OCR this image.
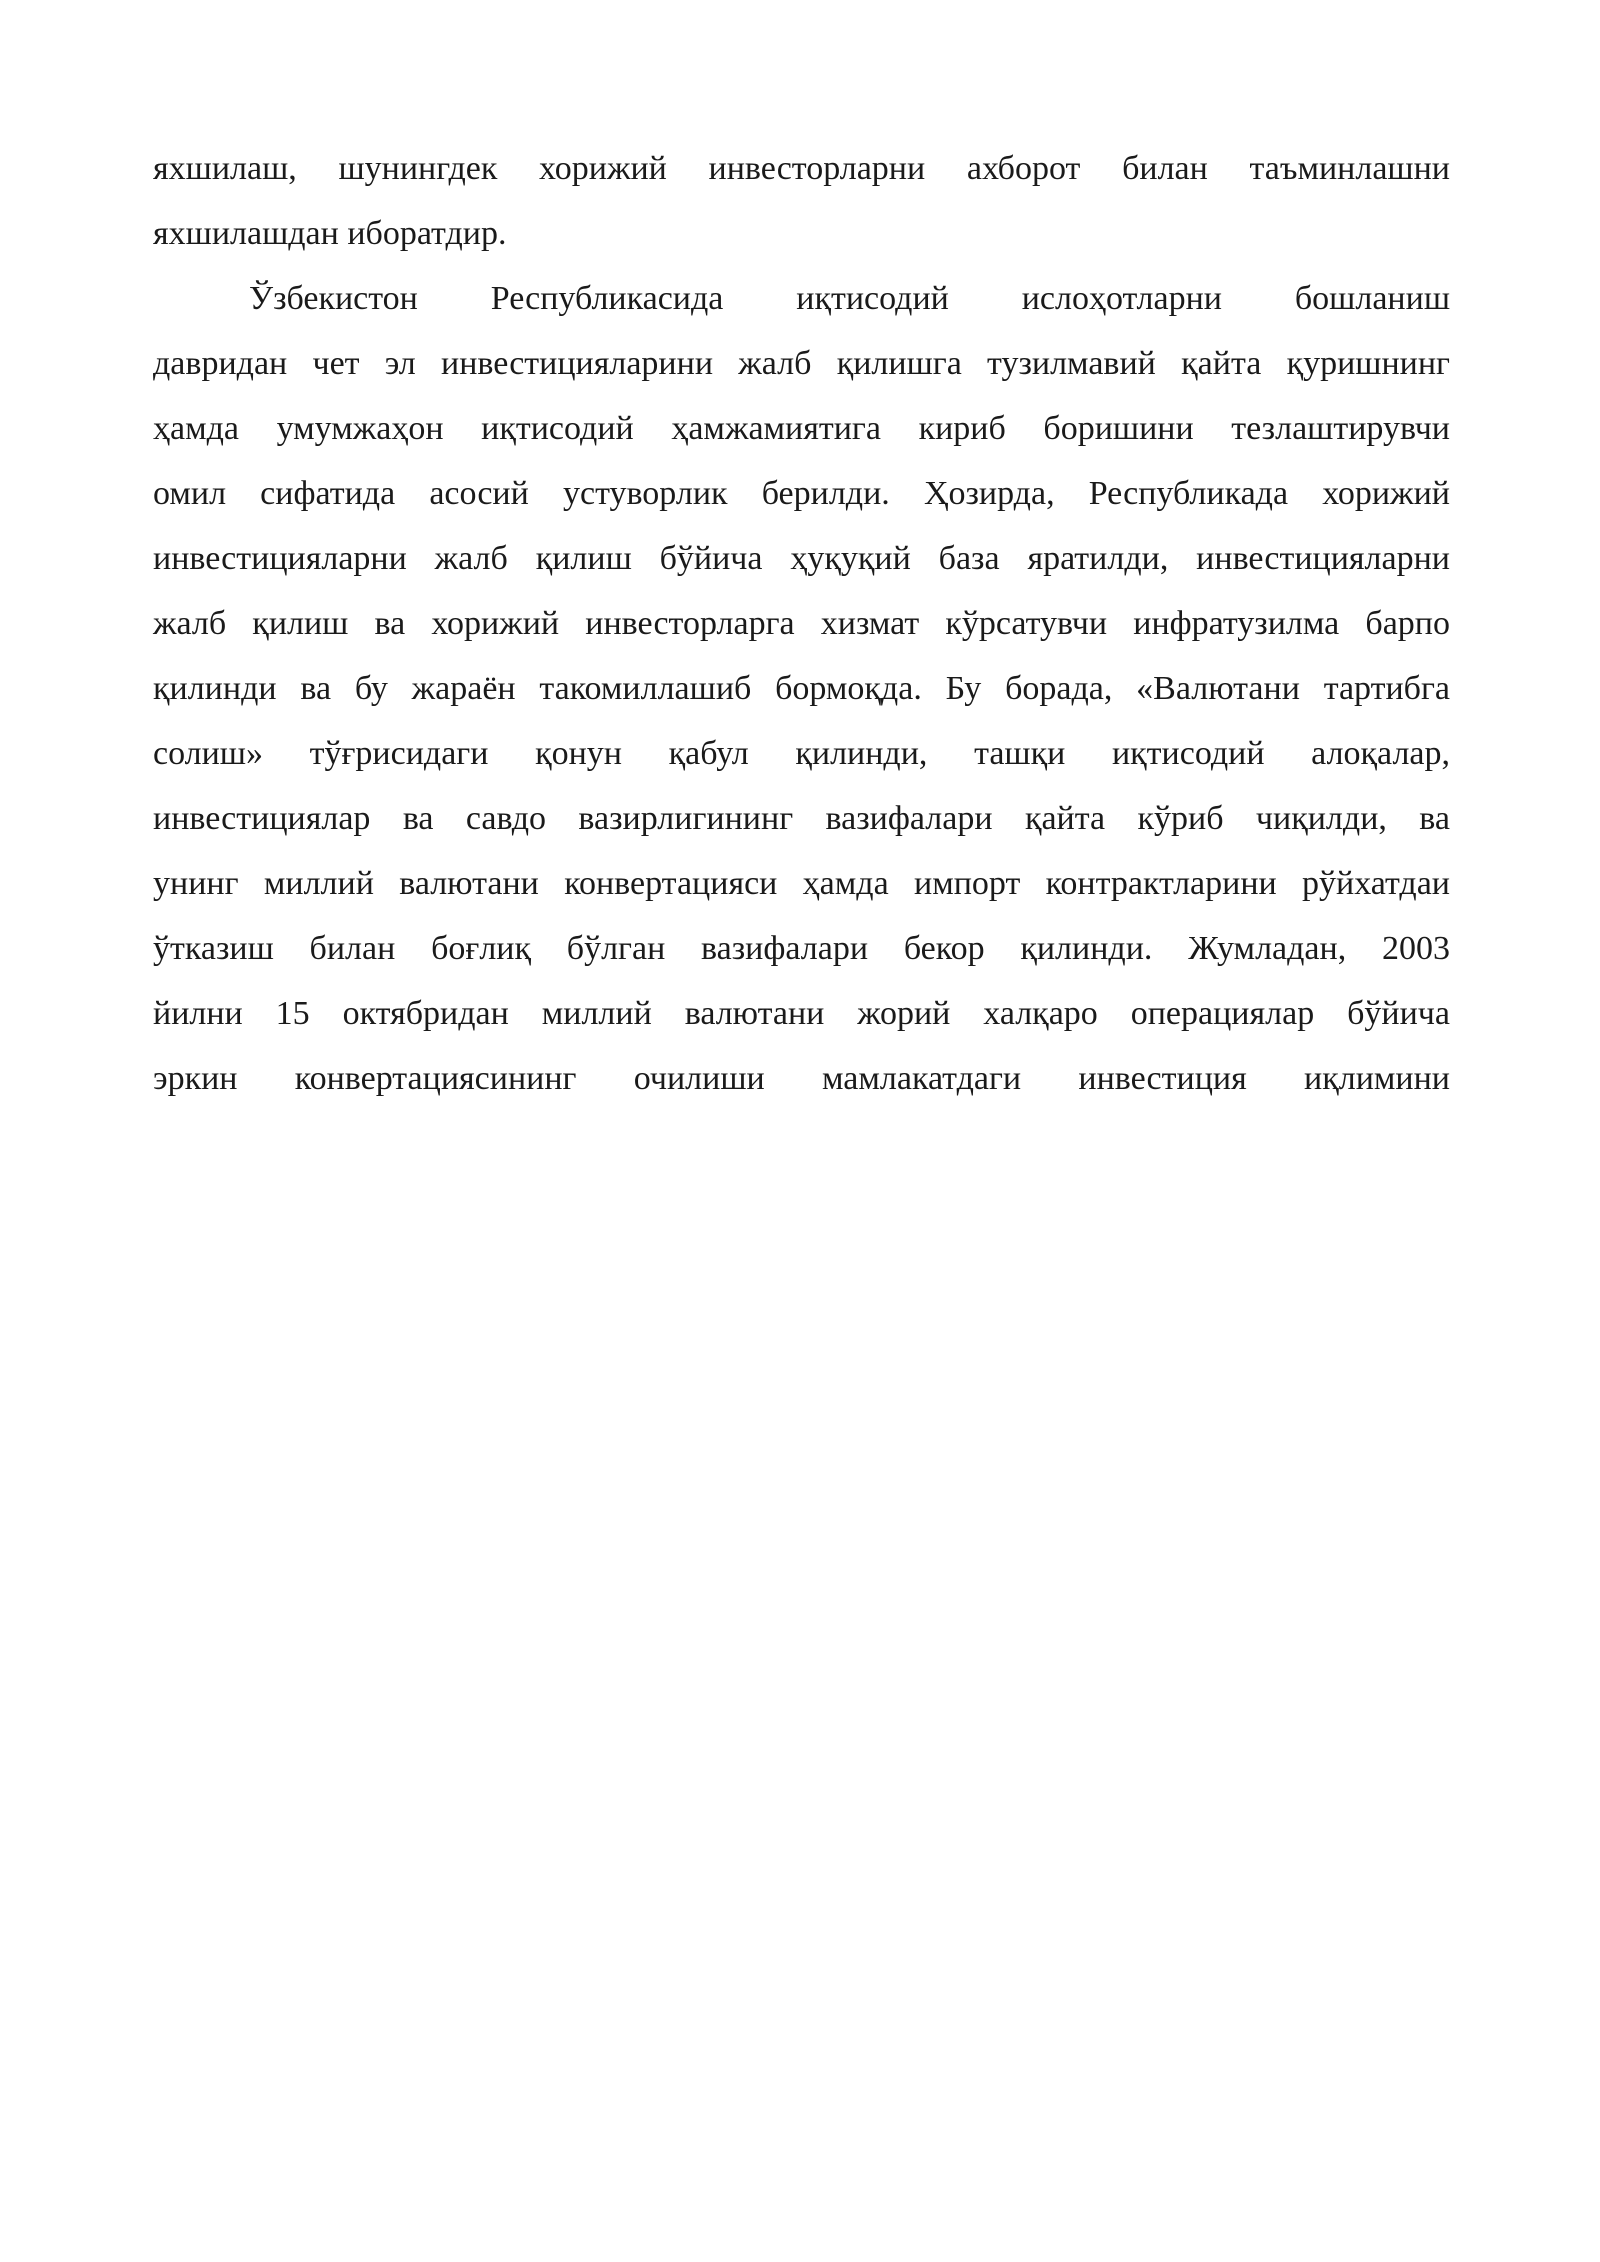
яхшилаш, шунингдек хорижий инвесторларни ахборот билан таъминлашни
яхшилашдан иборатдир.
Ўзбекистон Республикасида иқтисодий ислоҳотларни бошланиш
давридан чет эл инвестицияларини жалб қилишга тузилмавий қайта қуришнинг
ҳамда умумжаҳон иқтисодий ҳамжамиятига кириб боришини тезлаштирувчи
омил сифатида асосий устуворлик берилди. Ҳозирда, Республикада хорижий
инвестицияларни жалб қилиш бўйича ҳуқуқий база яратилди, инвестицияларни
жалб қилиш ва хорижий инвесторларга хизмат кўрсатувчи инфратузилма барпо
қилинди ва бу жараён такомиллашиб бормоқда. Бу борада, «Валютани тартибга
солиш» тўғрисидаги қонун қабул қилинди, ташқи иқтисодий алоқалар,
инвестициялар ва савдо вазирлигининг вазифалари қайта кўриб чиқилди, ва
унинг миллий валютани конвертацияси ҳамда импорт контрактларини рўйхатдаи
ўтказиш билан боғлиқ бўлган вазифалари бекор қилинди. Жумладан, 2003
йилни 15 октябридан миллий валютани жорий халқаро операциялар бўйича
эркин конвертациясининг очилиши мамлакатдаги инвестиция иқлимини
